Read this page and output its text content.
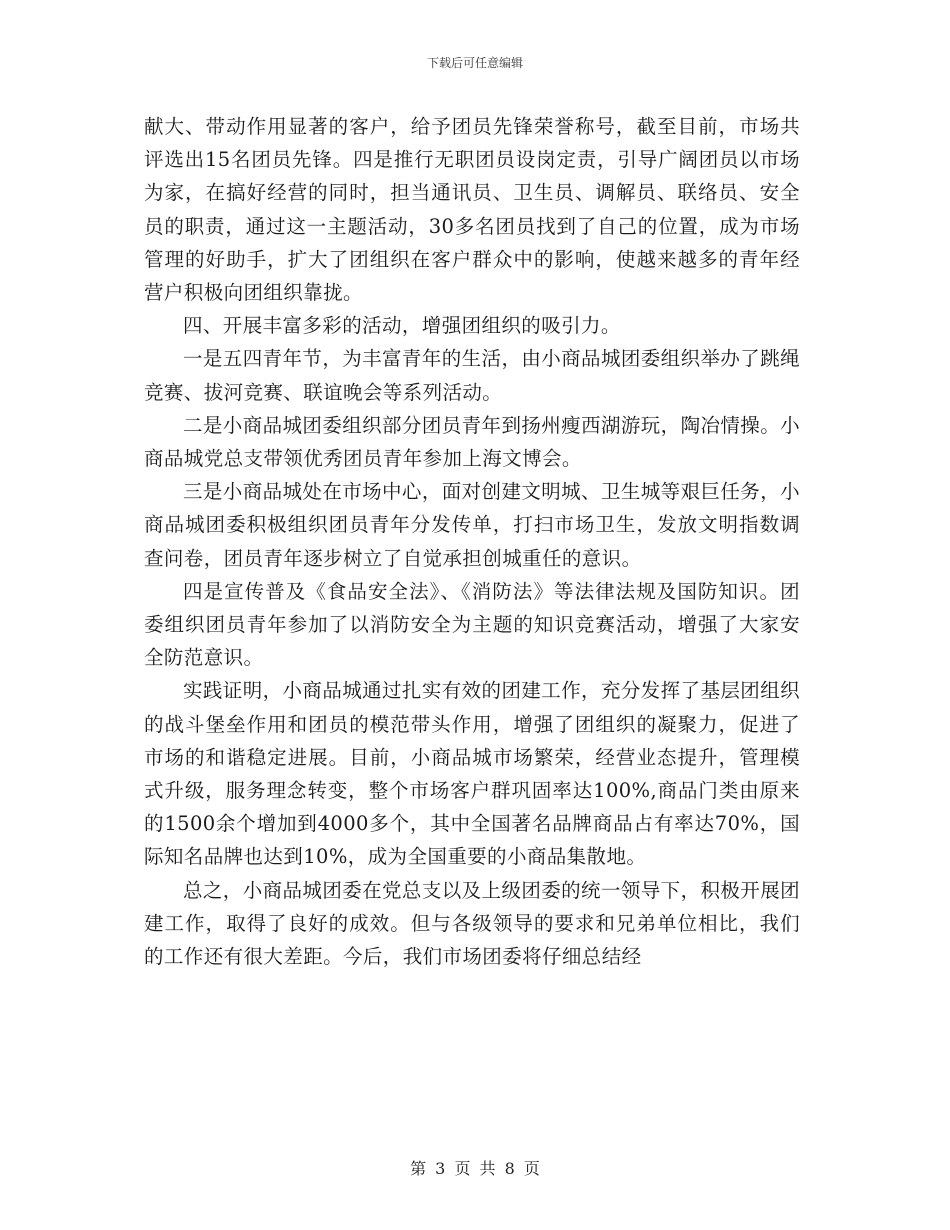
下载后可任意编辑

献大、带动作用显著的客户，给予团员先锋荣誉称号，截至目前，市场共评选出15名团员先锋。四是推行无职团员设岗定责，引导广阔团员以市场为家，在搞好经营的同时，担当通讯员、卫生员、调解员、联络员、安全员的职责，通过这一主题活动，30多名团员找到了自己的位置，成为市场管理的好助手，扩大了团组织在客户群众中的影响，使越来越多的青年经营户积极向团组织靠拢。

四、开展丰富多彩的活动，增强团组织的吸引力。

一是五四青年节，为丰富青年的生活，由小商品城团委组织举办了跳绳竞赛、拔河竞赛、联谊晚会等系列活动。

二是小商品城团委组织部分团员青年到扬州瘦西湖游玩，陶冶情操。小商品城党总支带领优秀团员青年参加上海文博会。

三是小商品城处在市场中心，面对创建文明城、卫生城等艰巨任务，小商品城团委积极组织团员青年分发传单，打扫市场卫生，发放文明指数调查问卷，团员青年逐步树立了自觉承担创城重任的意识。

四是宣传普及《食品安全法》、《消防法》等法律法规及国防知识。团委组织团员青年参加了以消防安全为主题的知识竞赛活动，增强了大家安全防范意识。

实践证明，小商品城通过扎实有效的团建工作，充分发挥了基层团组织的战斗堡垒作用和团员的模范带头作用，增强了团组织的凝聚力，促进了市场的和谐稳定进展。目前，小商品城市场繁荣，经营业态提升，管理模式升级，服务理念转变，整个市场客户群巩固率达100%,商品门类由原来的1500余个增加到4000多个，其中全国著名品牌商品占有率达70%，国际知名品牌也达到10%，成为全国重要的小商品集散地。

总之，小商品城团委在党总支以及上级团委的统一领导下，积极开展团建工作，取得了良好的成效。但与各级领导的要求和兄弟单位相比，我们的工作还有很大差距。今后，我们市场团委将仔细总结经

第 3 页 共 8 页
